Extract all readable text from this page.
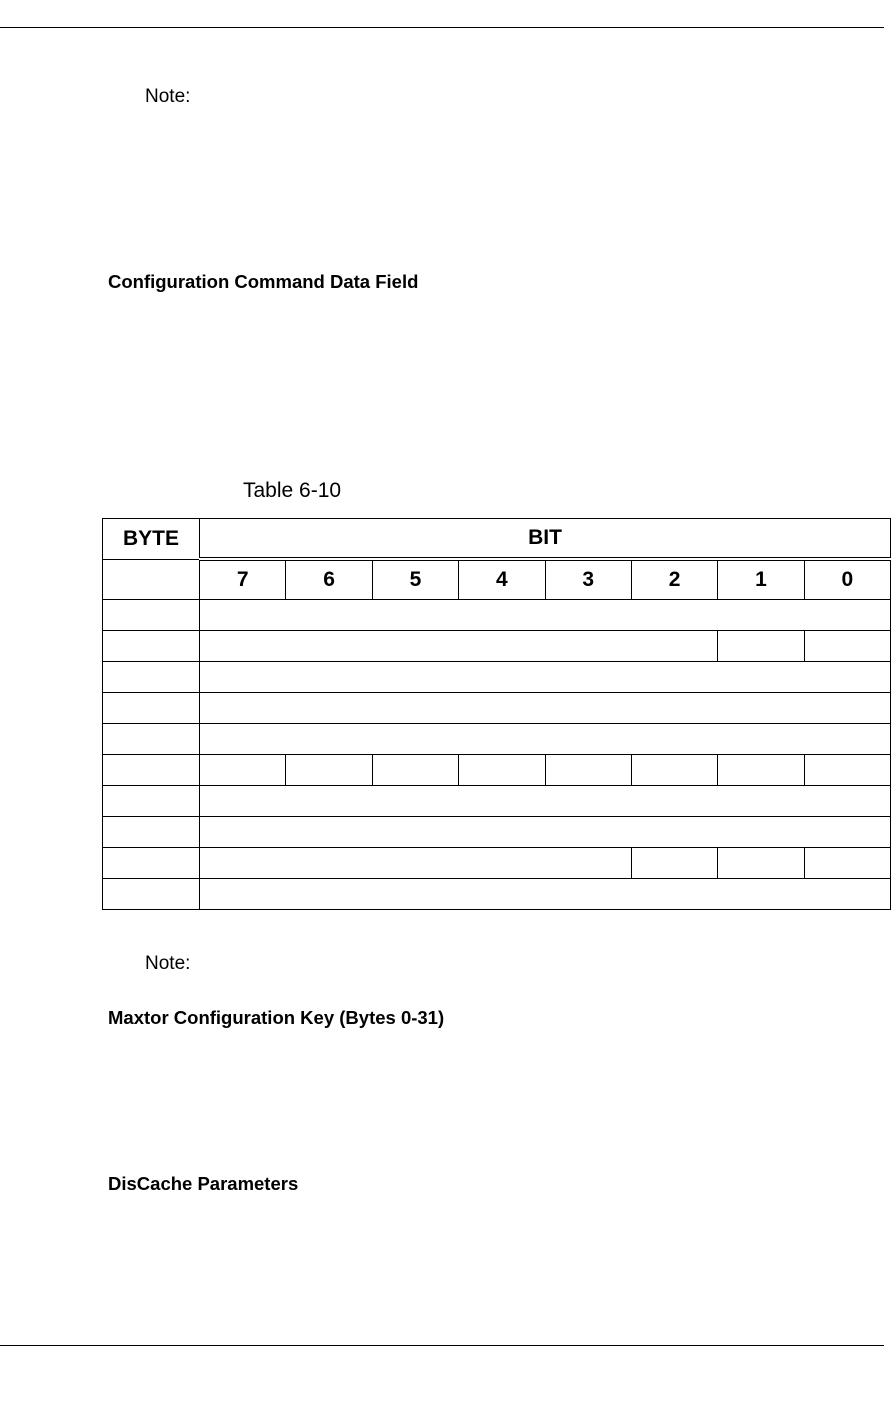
Note:
Configuration Command Data Field
Table 6-10
BYTE	BIT							
	7	6	5	4	3	2	1	0

Note:
Maxtor Configuration Key (Bytes 0-31)
DisCache Parameters
